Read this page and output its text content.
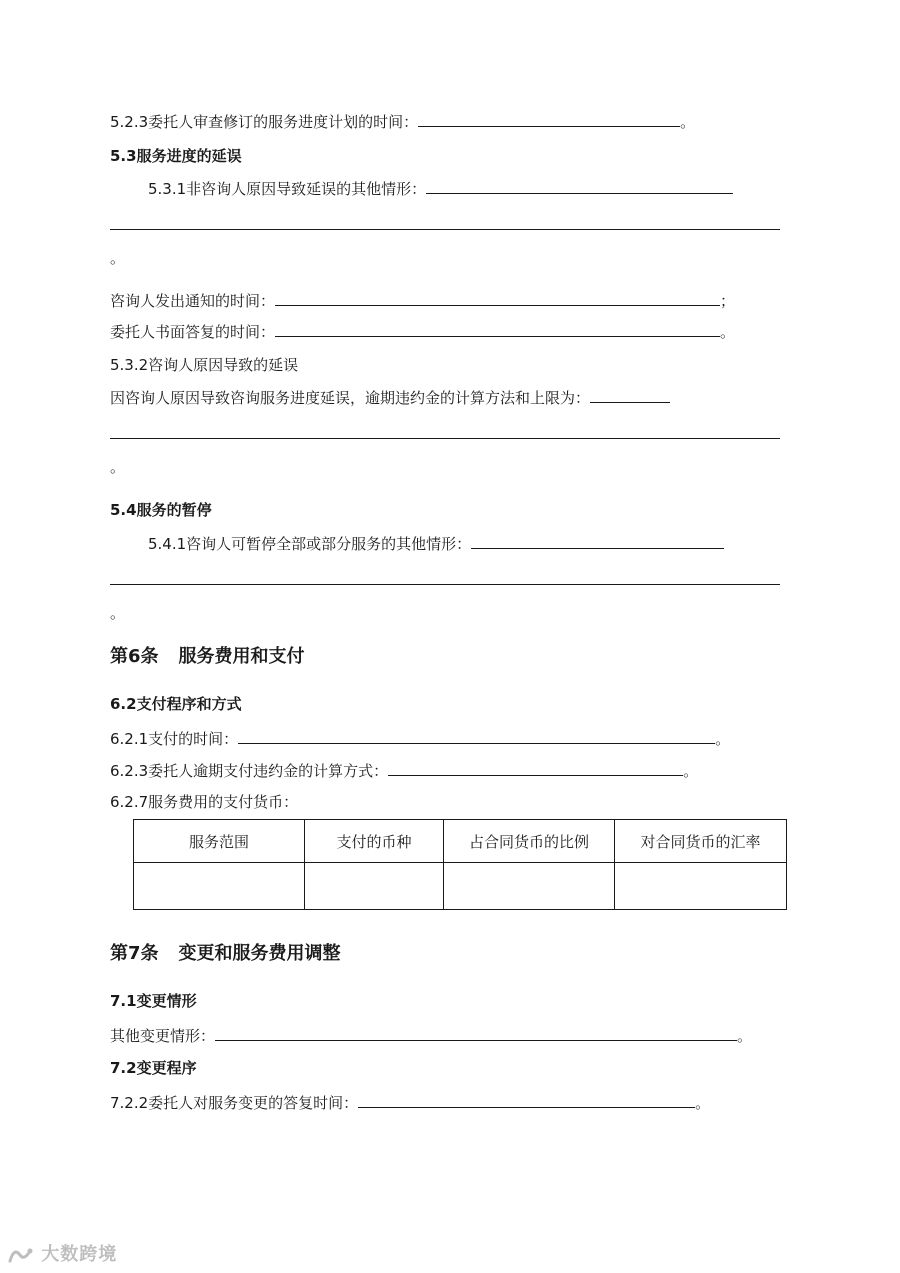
5.2.3委托人审查修订的服务进度计划的时间：	。
5.3服务进度的延误
5.3.1非咨询人原因导致延误的其他情形：
。
咨询人发出通知的时间：	；
委托人书面答复的时间：	。
5.3.2咨询人原因导致的延误
因咨询人原因导致咨询服务进度延误，逾期违约金的计算方法和上限为：
。
5.4服务的暂停
5.4.1咨询人可暂停全部或部分服务的其他情形：
。
第6条 服务费用和支付
6.2支付程序和方式
6.2.1支付的时间：	。
6.2.3委托人逾期支付违约金的计算方式：	。
6.2.7服务费用的支付货币：
服务范围	支付的币种	占合同货币的比例	对合同货币的汇率

第7条 变更和服务费用调整
7.1变更情形
其他变更情形：	。
7.2变更程序
7.2.2委托人对服务变更的答复时间：	。
大数跨境
